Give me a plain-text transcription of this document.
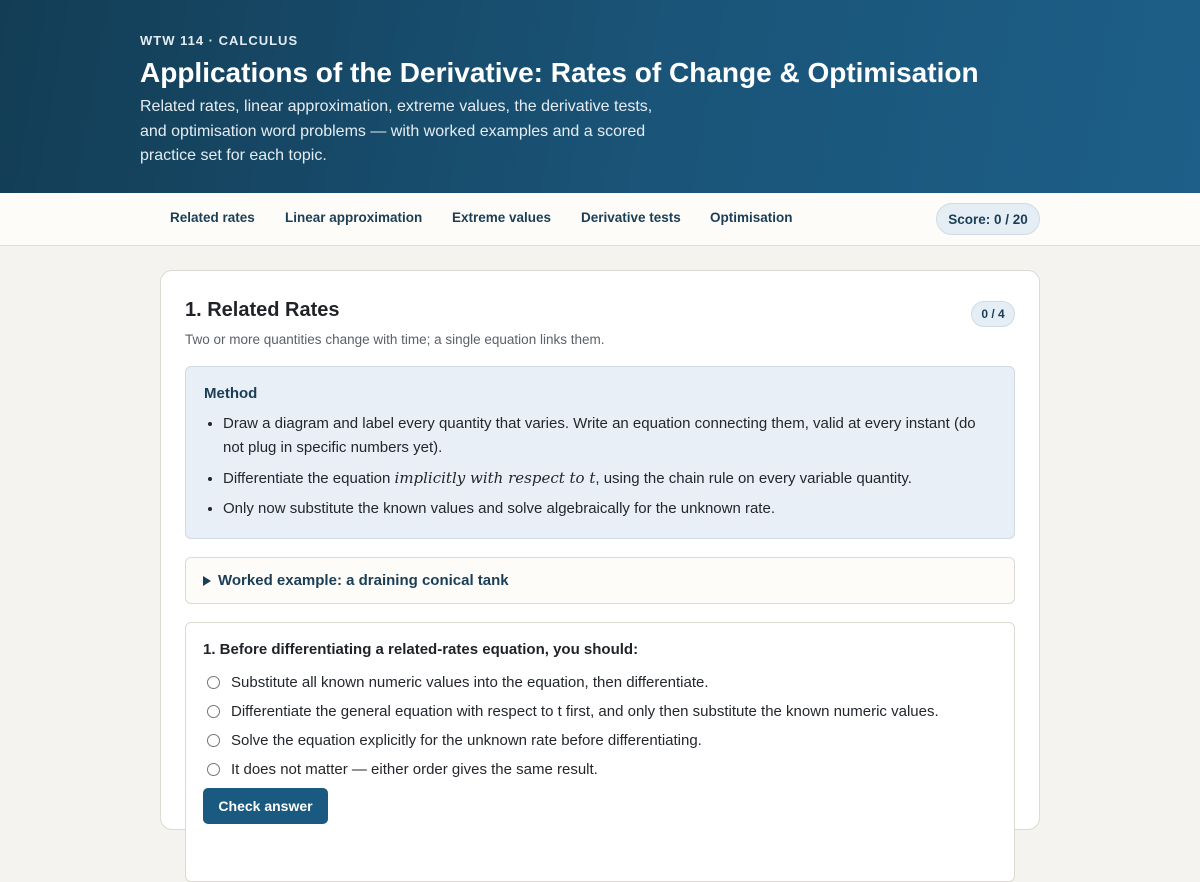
WTW 114 · CALCULUS
Applications of the Derivative: Rates of Change & Optimisation

Related rates, linear approximation, extreme values, the derivative tests, and optimisation word problems — with worked examples and a scored practice set for each topic.

Related rates Linear approximation Extreme values Derivative tests Optimisation	Score: 0 / 20
1. Related Rates	0 / 4

Two or more quantities change with time; a single equation links them.

Method
• Draw a diagram and label every quantity that varies. Write an equation connecting them, valid at every instant (do not plug in specific numbers yet).
• Differentiate the equation implicitly with respect to t, using the chain rule on every variable quantity.
• Only now substitute the known values and solve algebraically for the unknown rate.
Worked example: a draining conical tank
1. Before differentiating a related-rates equation, you should:
Substitute all known numeric values into the equation, then differentiate.
Differentiate the general equation with respect to t first, and only then substitute the known numeric values.
Solve the equation explicitly for the unknown rate before differentiating.
It does not matter — either order gives the same result.
Check answer
